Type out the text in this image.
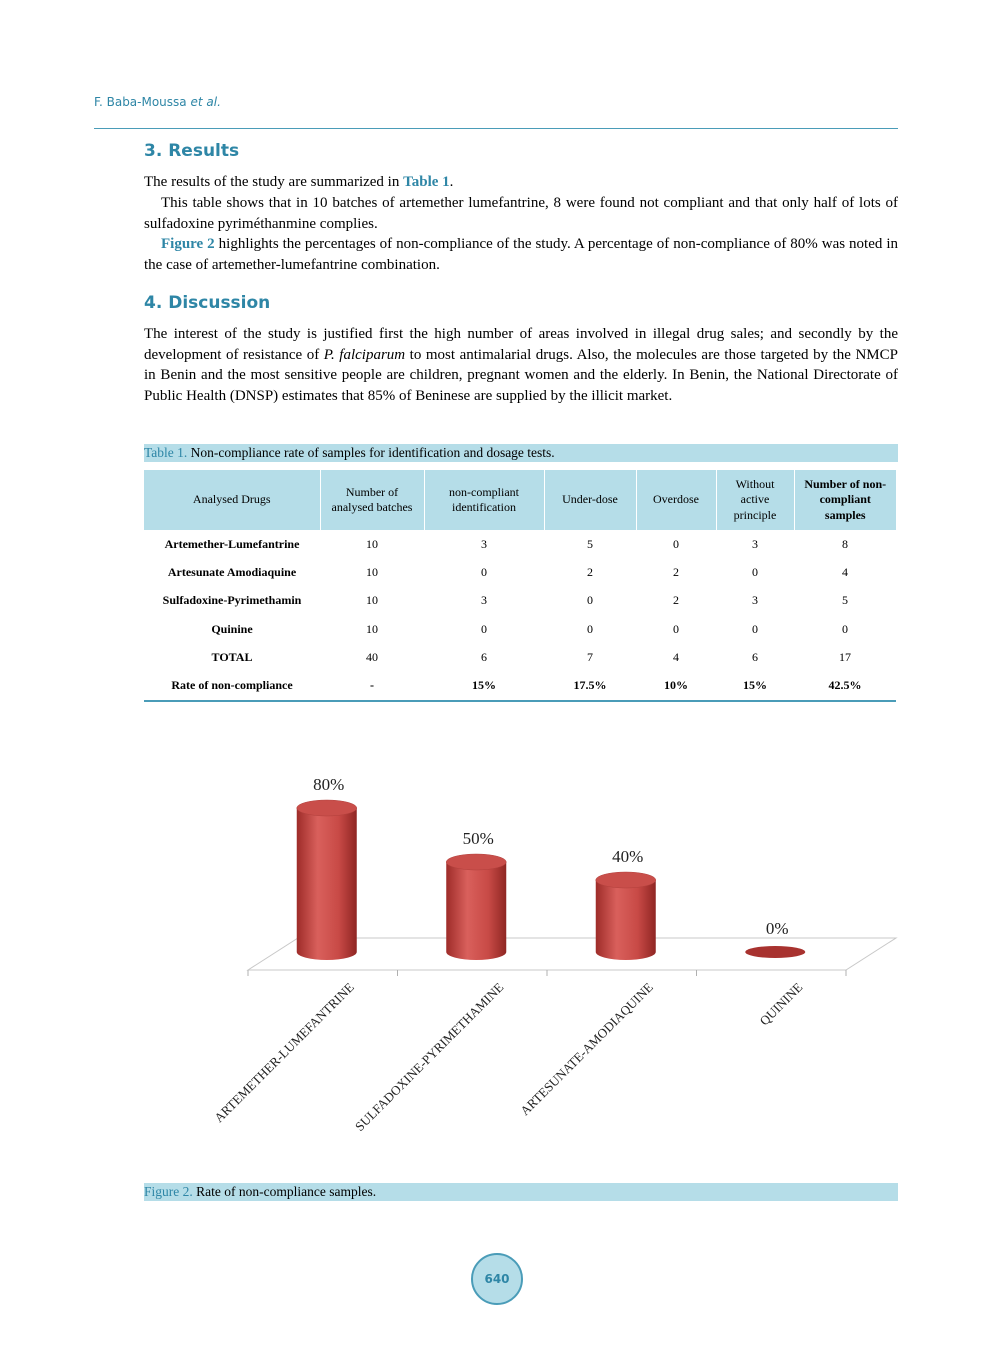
F. Baba-Moussa et al.
3. Results
The results of the study are summarized in Table 1.
This table shows that in 10 batches of artemether lumefantrine, 8 were found not compliant and that only half of lots of sulfadoxine pyriméthanmine complies.
Figure 2 highlights the percentages of non-compliance of the study. A percentage of non-compliance of 80% was noted in the case of artemether-lumefantrine combination.
4. Discussion
The interest of the study is justified first the high number of areas involved in illegal drug sales; and secondly by the development of resistance of P. falciparum to most antimalarial drugs. Also, the molecules are those targeted by the NMCP in Benin and the most sensitive people are children, pregnant women and the elderly. In Benin, the National Directorate of Public Health (DNSP) estimates that 85% of Beninese are supplied by the illicit market.
Table 1. Non-compliance rate of samples for identification and dosage tests.
Analysed Drugs	Number of analysed batches	non-compliant identification	Under-dose	Overdose	Without active principle	Number of non-compliant samples
Artemether-Lumefantrine	10	3	5	0	3	8
Artesunate Amodiaquine	10	0	2	2	0	4
Sulfadoxine-Pyrimethamin	10	3	0	2	3	5
Quinine	10	0	0	0	0	0
TOTAL	40	6	7	4	6	17
Rate of non-compliance	-	15%	17.5%	10%	15%	42.5%
80%
50%
40%
0%
ARTEMETHER-LUMEFANTRINE
SULFADOXINE-PYRIMETHAMINE ARTESUNATE-AMODIAQUINE	QUININE
Figure 2. Rate of non-compliance samples.
640
